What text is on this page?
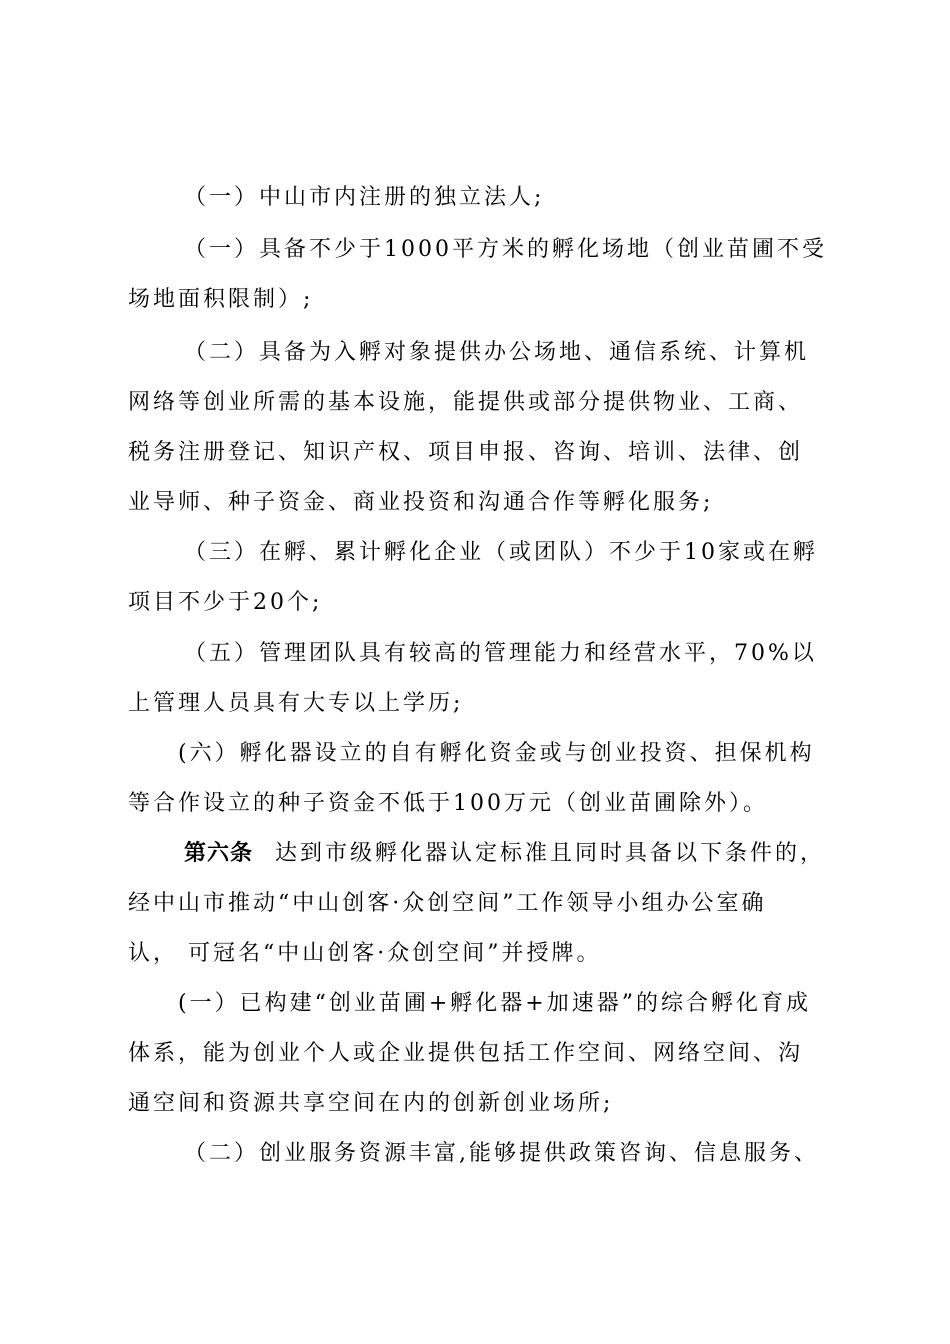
（一）中山市内注册的独立法人;
（一）具备不少于1000平方米的孵化场地（创业苗圃不受
场地面积限制）;
（二）具备为入孵对象提供办公场地、通信系统、计算机
网络等创业所需的基本设施，能提供或部分提供物业、工商、
税务注册登记、知识产权、项目申报、咨询、培训、法律、创
业导师、种子资金、商业投资和沟通合作等孵化服务;
（三）在孵、累计孵化企业（或团队）不少于10家或在孵
项目不少于20个;
（五）管理团队具有较高的管理能力和经营水平，70%以
上管理人员具有大专以上学历;
(六）孵化器设立的自有孵化资金或与创业投资、担保机构
等合作设立的种子资金不低于100万元（创业苗圃除外）。
第六条 达到市级孵化器认定标准且同时具备以下条件的，
经中山市推动“中山创客·众创空间”工作领导小组办公室确
认， 可冠名“中山创客·众创空间”并授牌。
(一）已构建“创业苗圃+孵化器+加速器”的综合孵化育成
体系，能为创业个人或企业提供包括工作空间、网络空间、沟
通空间和资源共享空间在内的创新创业场所;
（二）创业服务资源丰富,能够提供政策咨询、信息服务、
